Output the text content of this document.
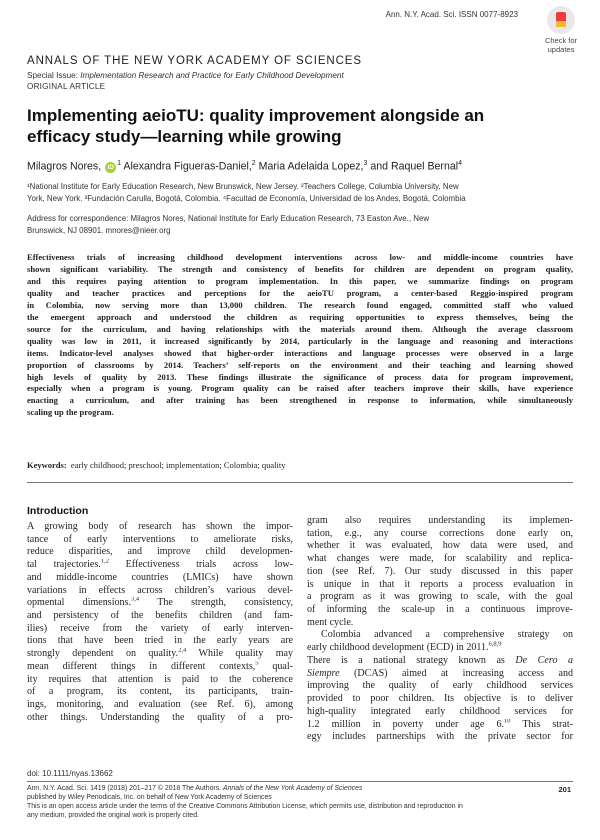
Ann. N.Y. Acad. Sci. ISSN 0077-8923
Check for
updates
ANNALS OF THE NEW YORK ACADEMY OF SCIENCES
Special Issue: Implementation Research and Practice for Early Childhood Development
ORIGINAL ARTICLE
Implementing aeioTU: quality improvement alongside an efficacy study—learning while growing
Milagros Nores, $iD^1$ Alexandra Figueras-Daniel,$^2$ Maria Adelaida Lopez,$^3$ and Raquel Bernal$^4$
¹National Institute for Early Education Research, New Brunswick, New Jersey. ²Teachers College, Columbia University, New
York, New York. ³Fundación Carulla, Bogotá, Colombia. ⁴Facultad de Economía, Universidad de los Andes, Bogotá, Colombia
Address for correspondence: Milagros Nores, National Institute for Early Education Research, 73 Easton Ave., New
Brunswick, NJ 08901. mnores@nieer.org
Effectiveness trials of increasing childhood development interventions across low- and middle-income countries have
shown significant variability. The strength and consistency of benefits for children are dependent on program quality,
and this requires paying attention to program implementation. In this paper, we summarize findings on program
quality and teacher practices and perceptions for the aeioTU program, a center-based Reggio-inspired program
in Colombia, now serving more than 13,000 children. The research found engaged, committed staff who valued
the emergent approach and understood the children as requiring opportunities to express themselves, being the
source for the curriculum, and having relationships with the materials around them. Although the average classroom
quality was low in 2011, it increased significantly by 2014, particularly in the language and reasoning and interactions
items. Indicator-level analyses showed that higher-order interactions and language processes were observed in a large
proportion of classrooms by 2014. Teachers’ self-reports on the environment and their teaching and learning showed
high levels of quality by 2013. These findings illustrate the significance of process data for program improvement,
especially when a program is young. Program quality can be raised after teachers improve their skills, have experience
enacting a curriculum, and after training has been strengthened in response to information, while simultaneously
scaling up the program.
Keywords: early childhood; preschool; implementation; Colombia; quality
Introduction
A growing body of research has shown the impor-
tance of early interventions to ameliorate risks,
reduce disparities, and improve child developmen-
tal trajectories.$^{1,2}$ Effectiveness trials across low-
and middle-income countries (LMICs) have shown
variations in effects across children’s various devel-
opmental dimensions.$^{3,4}$ The strength, consistency,
and persistency of the benefits children (and fam-
ilies) receive from the variety of early interven-
tions that have been tried in the early years are
strongly dependent on quality.$^{2,4}$ While quality may
mean different things in different contexts,$^5$ qual-
ity requires that attention is paid to the coherence
of a program, its content, its participants, train-
ings, monitoring, and evaluation (see Ref. 6), among
other things. Understanding the quality of a pro-
gram also requires understanding its implemen-
tation, e.g., any course corrections done early on,
whether it was evaluated, how data were used, and
what changes were made, for scalability and replica-
tion (see Ref. 7). Our study discussed in this paper
is unique in that it reports a process evaluation in
a program as it was growing to scale, with the goal
of informing the scale-up in a continuous improve-
ment cycle.
Colombia advanced a comprehensive strategy on
early childhood development (ECD) in 2011.$^{6,8,9}$
There is a national strategy known as De Cero a
Siempre (DCAS) aimed at increasing access and
improving the quality of early childhood services
provided to poor children. Its objective is to deliver
high-quality integrated early childhood services for
1.2 million in poverty under age 6.10 This strat-
egy includes partnerships with the private sector for
doi: 10.1111/nyas.13662
Ann. N.Y. Acad. Sci. 1419 (2018) 201–217 © 2018 The Authors. Annals of the New York Academy of Sciences
published by Wiley Periodicals, Inc. on behalf of New York Academy of Sciences
201
This is an open access article under the terms of the Creative Commons Attribution License, which permits use, distribution and reproduction in
any medium, provided the original work is properly cited.
